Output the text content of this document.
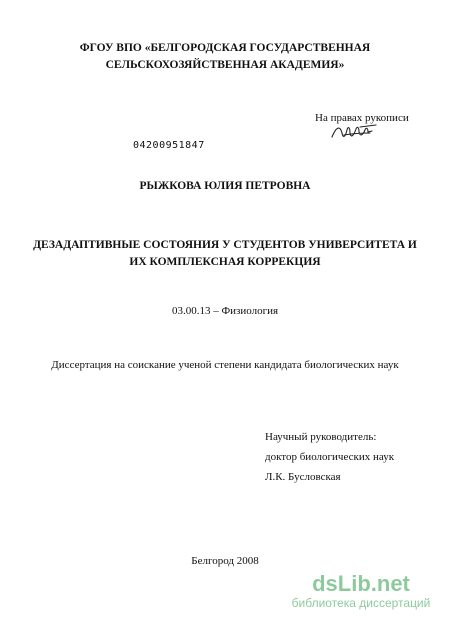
ФГОУ ВПО «БЕЛГОРОДСКАЯ ГОСУДАРСТВЕННАЯ
СЕЛЬСКОХОЗЯЙСТВЕННАЯ АКАДЕМИЯ»
На правах рукописи
04200951847
РЫЖКОВА ЮЛИЯ ПЕТРОВНА
ДЕЗАДАПТИВНЫЕ СОСТОЯНИЯ У СТУДЕНТОВ УНИВЕРСИТЕТА И
ИХ КОМПЛЕКСНАЯ КОРРЕКЦИЯ
03.00.13 – Физиология
Диссертация на соискание ученой степени кандидата биологических наук
Научный руководитель:
доктор биологических наук
Л.К. Бусловская
Белгород 2008
dsLib.net
библиотека диссертаций
